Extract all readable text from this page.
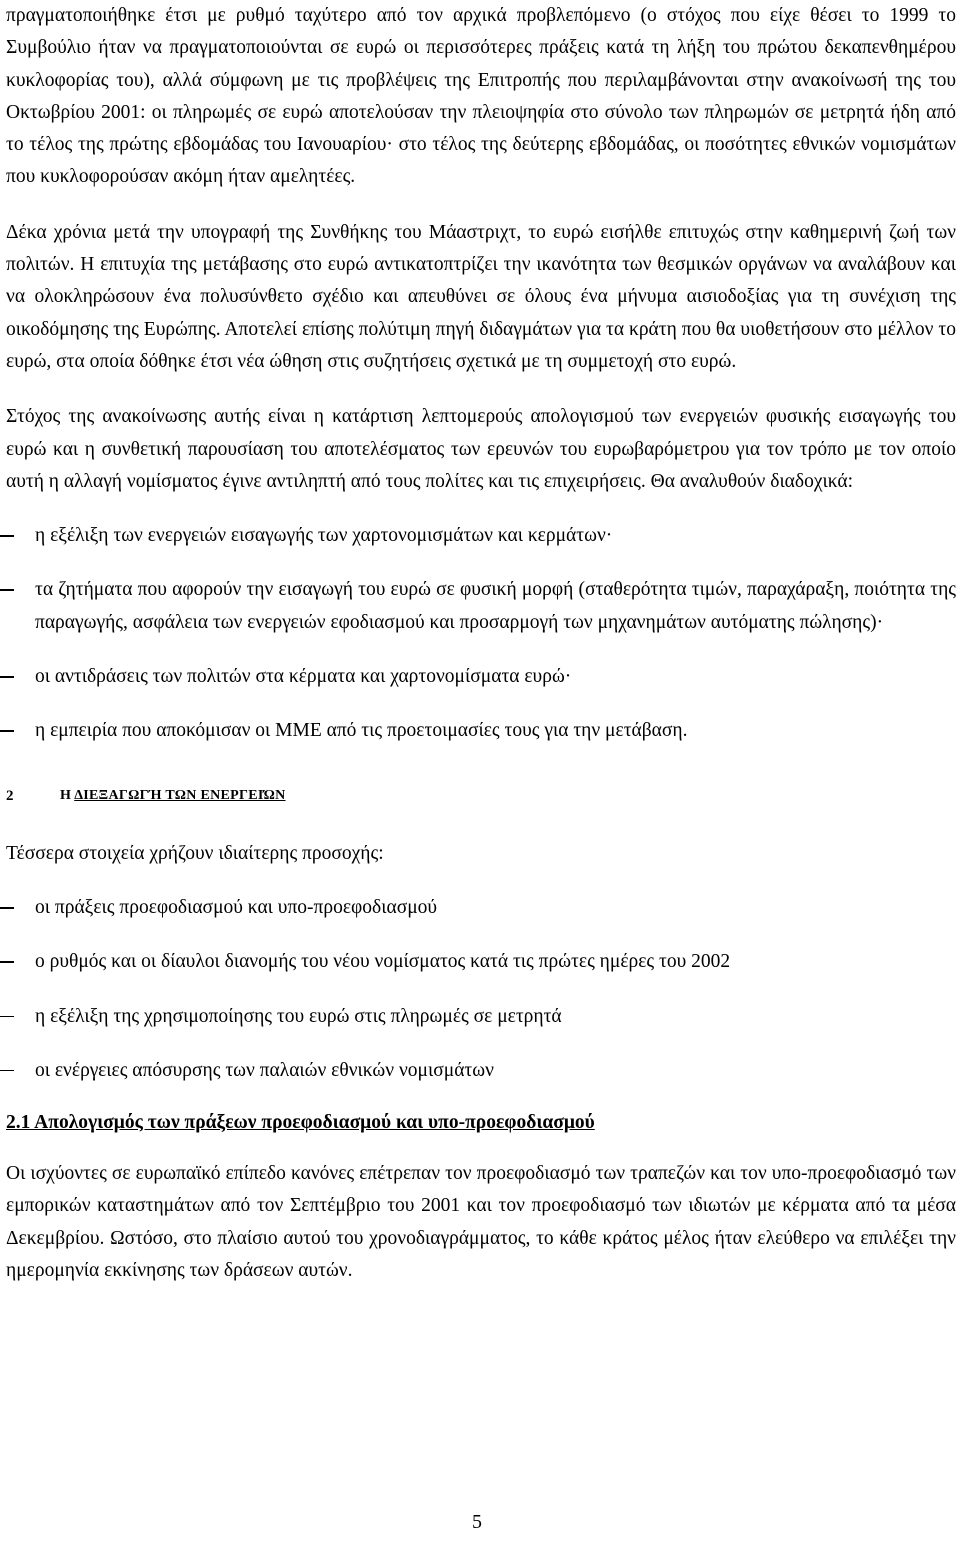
πραγματοποιήθηκε έτσι με ρυθμό ταχύτερο από τον αρχικά προβλεπόμενο (ο στόχος που είχε θέσει το 1999 το Συμβούλιο ήταν να πραγματοποιούνται σε ευρώ οι περισσότερες πράξεις κατά τη λήξη του πρώτου δεκαπενθημέρου κυκλοφορίας του), αλλά σύμφωνη με τις προβλέψεις της Επιτροπής που περιλαμβάνονται στην ανακοίνωσή της του Οκτωβρίου 2001: οι πληρωμές σε ευρώ αποτελούσαν την πλειοψηφία στο σύνολο των πληρωμών σε μετρητά ήδη από το τέλος της πρώτης εβδομάδας του Ιανουαρίου· στο τέλος της δεύτερης εβδομάδας, οι ποσότητες εθνικών νομισμάτων που κυκλοφορούσαν ακόμη ήταν αμελητέες.

Δέκα χρόνια μετά την υπογραφή της Συνθήκης του Μάαστριχτ, το ευρώ εισήλθε επιτυχώς στην καθημερινή ζωή των πολιτών. Η επιτυχία της μετάβασης στο ευρώ αντικατοπτρίζει την ικανότητα των θεσμικών οργάνων να αναλάβουν και να ολοκληρώσουν ένα πολυσύνθετο σχέδιο και απευθύνει σε όλους ένα μήνυμα αισιοδοξίας για τη συνέχιση της οικοδόμησης της Ευρώπης. Αποτελεί επίσης πολύτιμη πηγή διδαγμάτων για τα κράτη που θα υιοθετήσουν στο μέλλον το ευρώ, στα οποία δόθηκε έτσι νέα ώθηση στις συζητήσεις σχετικά με τη συμμετοχή στο ευρώ.

Στόχος της ανακοίνωσης αυτής είναι η κατάρτιση λεπτομερούς απολογισμού των ενεργειών φυσικής εισαγωγής του ευρώ και η συνθετική παρουσίαση του αποτελέσματος των ερευνών του ευρωβαρόμετρου για τον τρόπο με τον οποίο αυτή η αλλαγή νομίσματος έγινε αντιληπτή από τους πολίτες και τις επιχειρήσεις. Θα αναλυθούν διαδοχικά:

η εξέλιξη των ενεργειών εισαγωγής των χαρτονομισμάτων και κερμάτων·
τα ζητήματα που αφορούν την εισαγωγή του ευρώ σε φυσική μορφή (σταθερότητα τιμών, παραχάραξη, ποιότητα της παραγωγής, ασφάλεια των ενεργειών εφοδιασμού και προσαρμογή των μηχανημάτων αυτόματης πώλησης)·
οι αντιδράσεις των πολιτών στα κέρματα και χαρτονομίσματα ευρώ·
η εμπειρία που αποκόμισαν οι ΜΜΕ από τις προετοιμασίες τους για την μετάβαση.
2	Η ΔΙΕΞΑΓΩΓΉ ΤΩΝ ΕΝΕΡΓΕΙΏΝ

Τέσσερα στοιχεία χρήζουν ιδιαίτερης προσοχής:

οι πράξεις προεφοδιασμού και υπο-προεφοδιασμού
ο ρυθμός και οι δίαυλοι διανομής του νέου νομίσματος κατά τις πρώτες ημέρες του 2002
η εξέλιξη της χρησιμοποίησης του ευρώ στις πληρωμές σε μετρητά
οι ενέργειες απόσυρσης των παλαιών εθνικών νομισμάτων

2.1 Απολογισμός των πράξεων προεφοδιασμού και υπο-προεφοδιασμού

Οι ισχύοντες σε ευρωπαϊκό επίπεδο κανόνες επέτρεπαν τον προεφοδιασμό των τραπεζών και τον υπο-προεφοδιασμό των εμπορικών καταστημάτων από τον Σεπτέμβριο του 2001 και τον προεφοδιασμό των ιδιωτών με κέρματα από τα μέσα Δεκεμβρίου. Ωστόσο, στο πλαίσιο αυτού του χρονοδιαγράμματος, το κάθε κράτος μέλος ήταν ελεύθερο να επιλέξει την ημερομηνία εκκίνησης των δράσεων αυτών.

5
